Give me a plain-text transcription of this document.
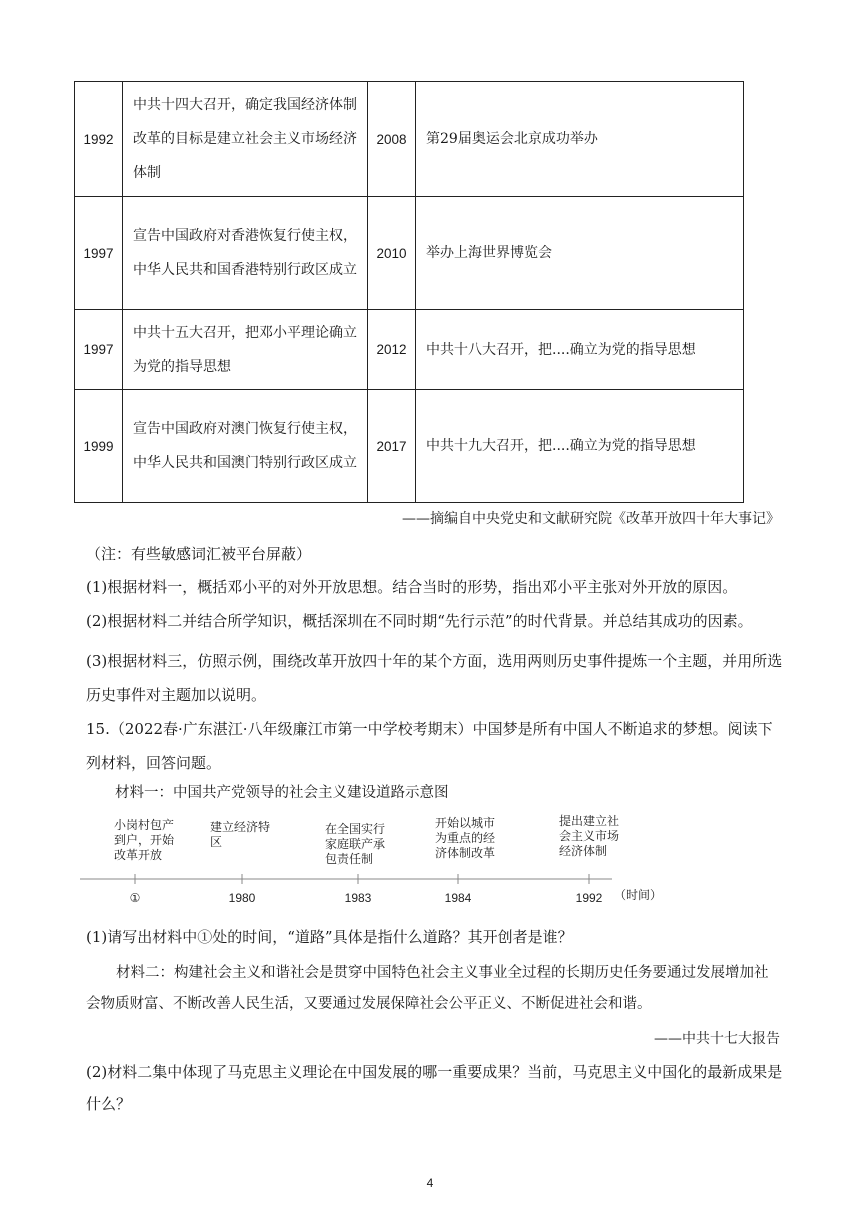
1992	中共十四大召开，确定我国经济体制改革的目标是建立社会主义市场经济体制	2008	第29届奥运会北京成功举办
1997	宣告中国政府对香港恢复行使主权，中华人民共和国香港特别行政区成立	2010	举办上海世界博览会
1997	中共十五大召开，把邓小平理论确立为党的指导思想	2012	中共十八大召开，把....确立为党的指导思想
1999	宣告中国政府对澳门恢复行使主权，中华人民共和国澳门特别行政区成立	2017	中共十九大召开，把....确立为党的指导思想
——摘编自中央党史和文献研究院《改革开放四十年大事记》

（注：有些敏感词汇被平台屏蔽）

(1)根据材料一，概括邓小平的对外开放思想。结合当时的形势，指出邓小平主张对外开放的原因。

(2)根据材料二并结合所学知识，概括深圳在不同时期“先行示范”的时代背景。并总结其成功的因素。

(3)根据材料三，仿照示例，围绕改革开放四十年的某个方面，选用两则历史事件提炼一个主题，并用所选历史事件对主题加以说明。

15.（2022春·广东湛江·八年级廉江市第一中学校考期末）中国梦是所有中国人不断追求的梦想。阅读下列材料，回答问题。

材料一：中国共产党领导的社会主义建设道路示意图
小岗村包产
到户，开始
改革开放
建立经济特
区
在全国实行
家庭联产承
包责任制
开始以城市
为重点的经
济体制改革
提出建立社
会主义市场
经济体制
①	1980	1983	1984	1992 （时间）

(1)请写出材料中①处的时间，“道路”具体是指什么道路？其开创者是谁？

材料二：构建社会主义和谐社会是贯穿中国特色社会主义事业全过程的长期历史任务要通过发展增加社会物质财富、不断改善人民生活，又要通过发展保障社会公平正义、不断促进社会和谐。

——中共十七大报告

(2)材料二集中体现了马克思主义理论在中国发展的哪一重要成果？当前，马克思主义中国化的最新成果是什么？

4
